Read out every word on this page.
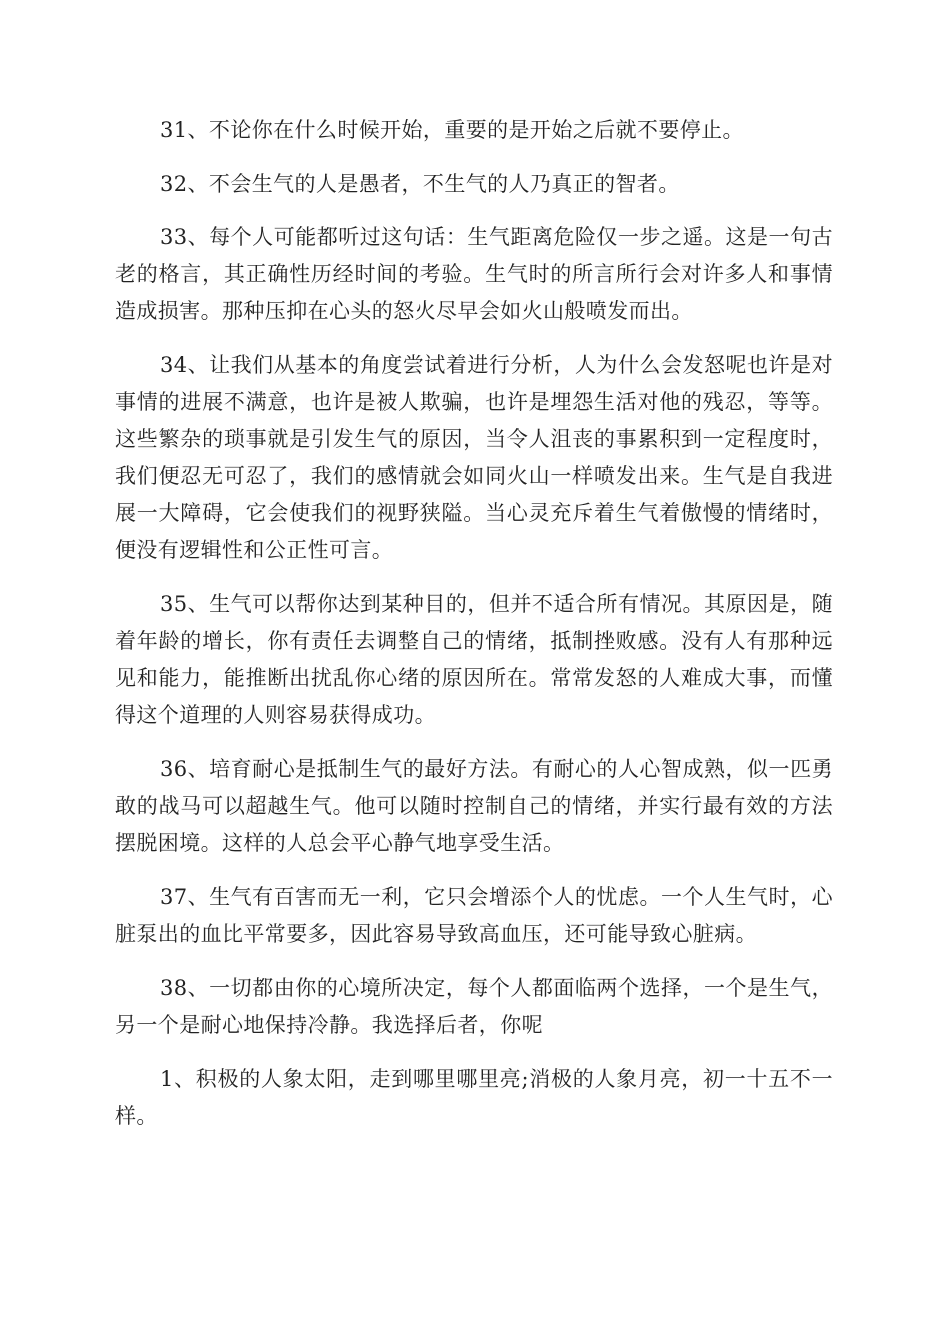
31、不论你在什么时候开始，重要的是开始之后就不要停止。

32、不会生气的人是愚者，不生气的人乃真正的智者。

33、每个人可能都听过这句话：生气距离危险仅一步之遥。这是一句古老的格言，其正确性历经时间的考验。生气时的所言所行会对许多人和事情造成损害。那种压抑在心头的怒火尽早会如火山般喷发而出。

34、让我们从基本的角度尝试着进行分析，人为什么会发怒呢也许是对事情的进展不满意，也许是被人欺骗，也许是埋怨生活对他的残忍，等等。这些繁杂的琐事就是引发生气的原因，当令人沮丧的事累积到一定程度时，我们便忍无可忍了，我们的感情就会如同火山一样喷发出来。生气是自我进展一大障碍，它会使我们的视野狭隘。当心灵充斥着生气着傲慢的情绪时，便没有逻辑性和公正性可言。

35、生气可以帮你达到某种目的，但并不适合所有情况。其原因是，随着年龄的增长，你有责任去调整自己的情绪，抵制挫败感。没有人有那种远见和能力，能推断出扰乱你心绪的原因所在。常常发怒的人难成大事，而懂得这个道理的人则容易获得成功。

36、培育耐心是抵制生气的最好方法。有耐心的人心智成熟，似一匹勇敢的战马可以超越生气。他可以随时控制自己的情绪，并实行最有效的方法摆脱困境。这样的人总会平心静气地享受生活。

37、生气有百害而无一利，它只会增添个人的忧虑。一个人生气时，心脏泵出的血比平常要多，因此容易导致高血压，还可能导致心脏病。

38、一切都由你的心境所决定，每个人都面临两个选择，一个是生气，另一个是耐心地保持冷静。我选择后者，你呢

1、积极的人象太阳，走到哪里哪里亮;消极的人象月亮，初一十五不一样。
